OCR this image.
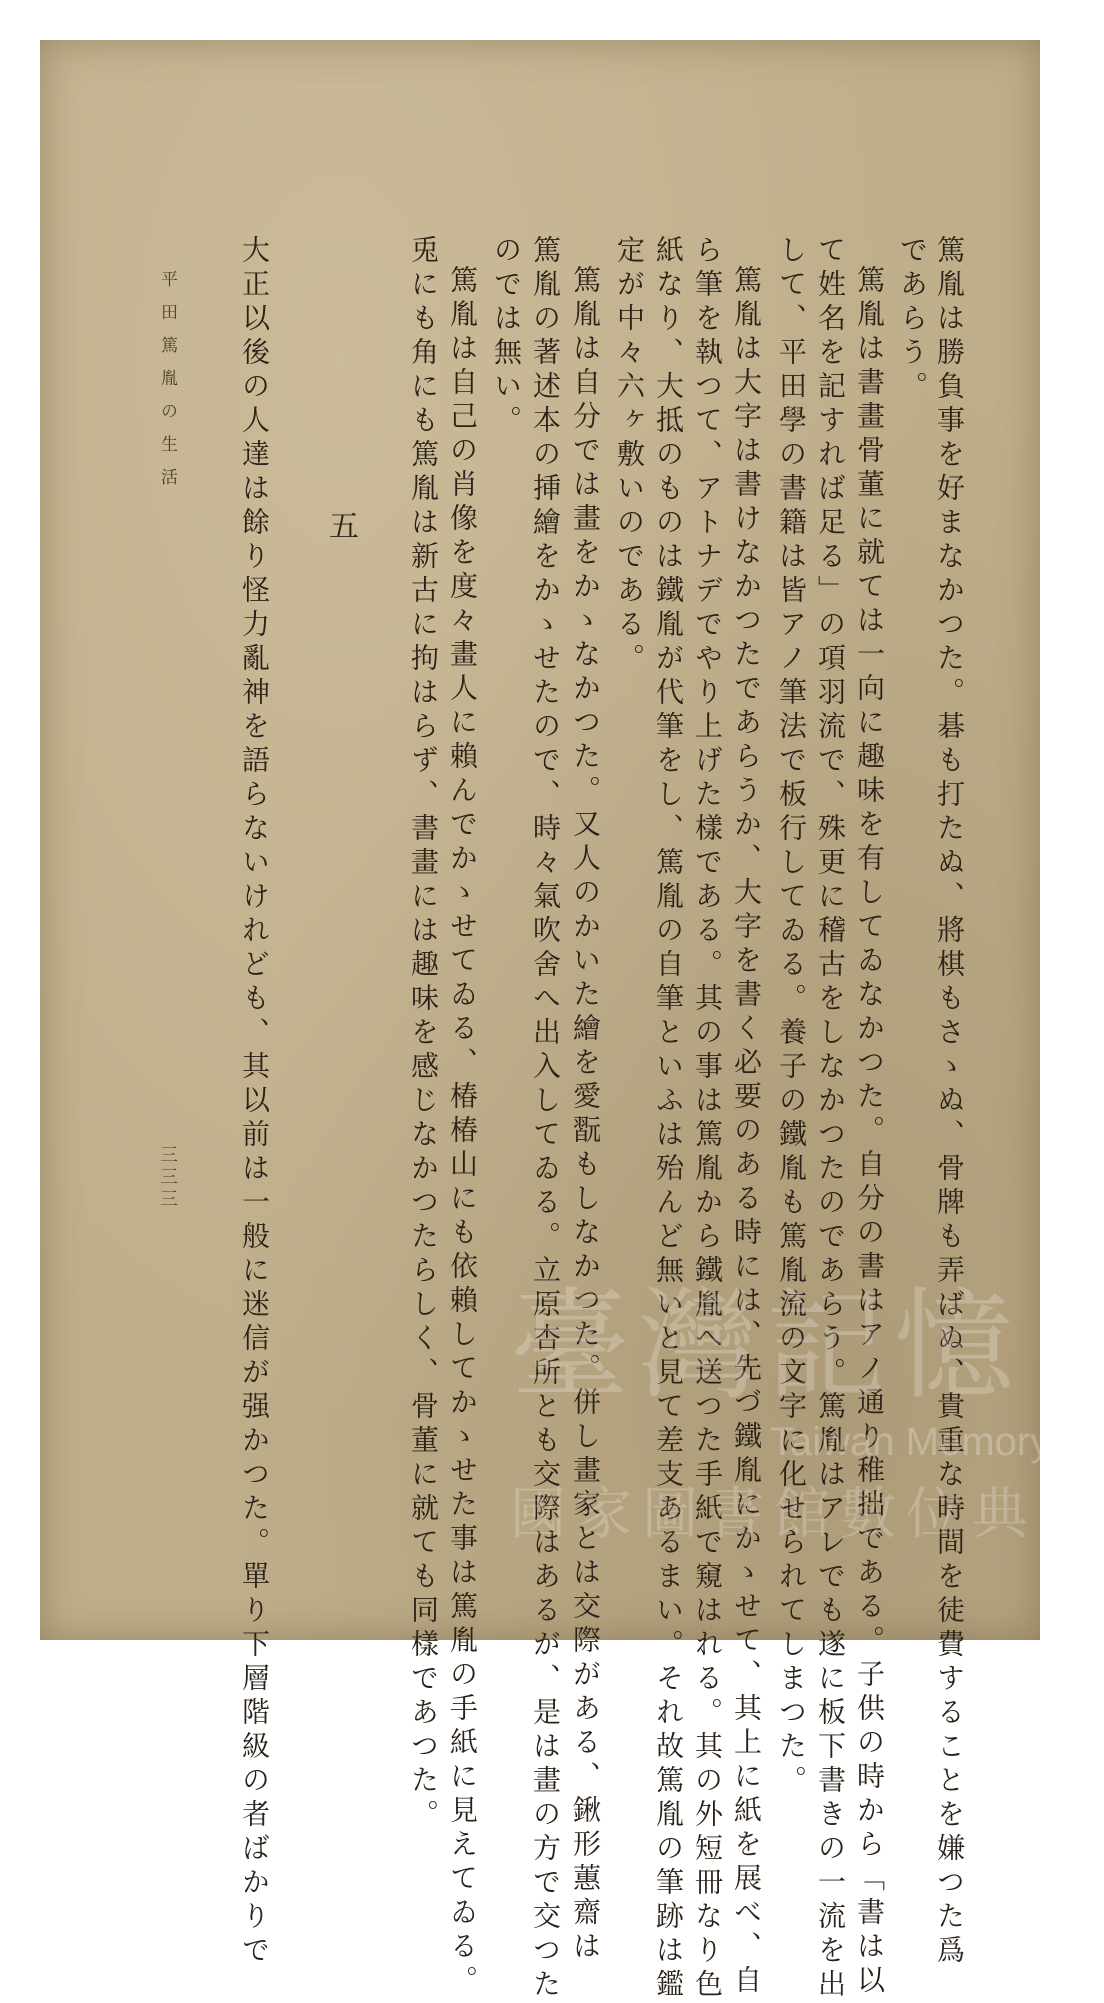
篤胤は勝負事を好まなかつた。碁も打たぬ、將棋もさゝぬ、骨牌も弄ばぬ、貴重な時間を徒費することを嫌つた爲
であらう。
篤胤は書畫骨董に就ては一向に趣味を有してゐなかつた。自分の書はアノ通り稚拙である。子供の時から「書は以
て姓名を記すれば足る」の項羽流で、殊更に稽古をしなかつたのであらう。篤胤はアレでも遂に板下書きの一流を出
して、平田學の書籍は皆アノ筆法で板行してゐる。養子の鐵胤も篤胤流の文字に化せられてしまつた。
篤胤は大字は書けなかつたであらうか、大字を書く必要のある時には、先づ鐵胤にかゝせて、其上に紙を展べ、自
ら筆を執つて、アトナデでやり上げた樣である。其の事は篤胤から鐵胤へ送つた手紙で窺はれる。其の外短冊なり色
紙なり、大抵のものは鐵胤が代筆をし、篤胤の自筆といふは殆んど無いと見て差支あるまい。それ故篤胤の筆跡は鑑
定が中々六ヶ敷いのである。
篤胤は自分では畫をかゝなかつた。又人のかいた繪を愛翫もしなかつた。併し畫家とは交際がある、鍬形蕙齋は
篤胤の著述本の挿繪をかゝせたので、時々氣吹舍へ出入してゐる。立原杏所とも交際はあるが、是は畫の方で交つた
のでは無い。
篤胤は自己の肖像を度々畫人に賴んでかゝせてゐる、椿椿山にも依賴してかゝせた事は篤胤の手紙に見えてゐる。
兎にも角にも篤胤は新古に拘はらず、書畫には趣味を感じなかつたらしく、骨董に就ても同樣であつた。
五
大正以後の人達は餘り怪力亂神を語らないけれども、其以前は一般に迷信が强かつた。單り下層階級の者ばかりで
平田篤胤の生活
三三三
臺灣記憶
Taiwan Memory
國家圖書館數位典藏
